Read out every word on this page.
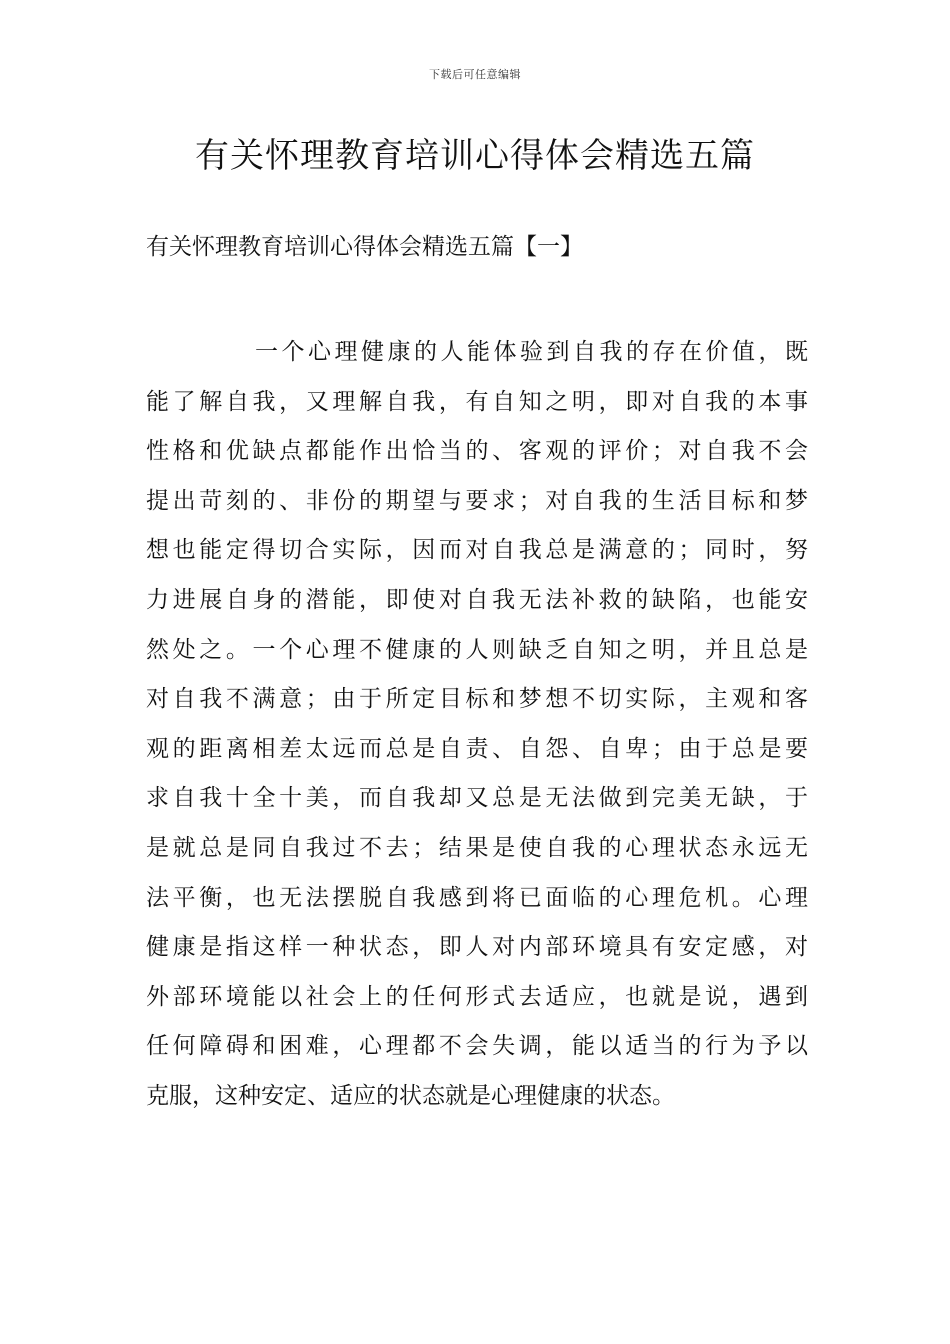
下载后可任意编辑
有关怀理教育培训心得体会精选五篇
有关怀理教育培训心得体会精选五篇【一】
一个心理健康的人能体验到自我的存在价值，既
能了解自我，又理解自我，有自知之明，即对自我的本事
性格和优缺点都能作出恰当的、客观的评价；对自我不会
提出苛刻的、非份的期望与要求；对自我的生活目标和梦
想也能定得切合实际，因而对自我总是满意的；同时，努
力进展自身的潜能，即使对自我无法补救的缺陷，也能安
然处之。一个心理不健康的人则缺乏自知之明，并且总是
对自我不满意；由于所定目标和梦想不切实际，主观和客
观的距离相差太远而总是自责、自怨、自卑；由于总是要
求自我十全十美，而自我却又总是无法做到完美无缺，于
是就总是同自我过不去；结果是使自我的心理状态永远无
法平衡，也无法摆脱自我感到将已面临的心理危机。心理
健康是指这样一种状态，即人对内部环境具有安定感，对
外部环境能以社会上的任何形式去适应，也就是说，遇到
任何障碍和困难，心理都不会失调，能以适当的行为予以
克服，这种安定、适应的状态就是心理健康的状态。
